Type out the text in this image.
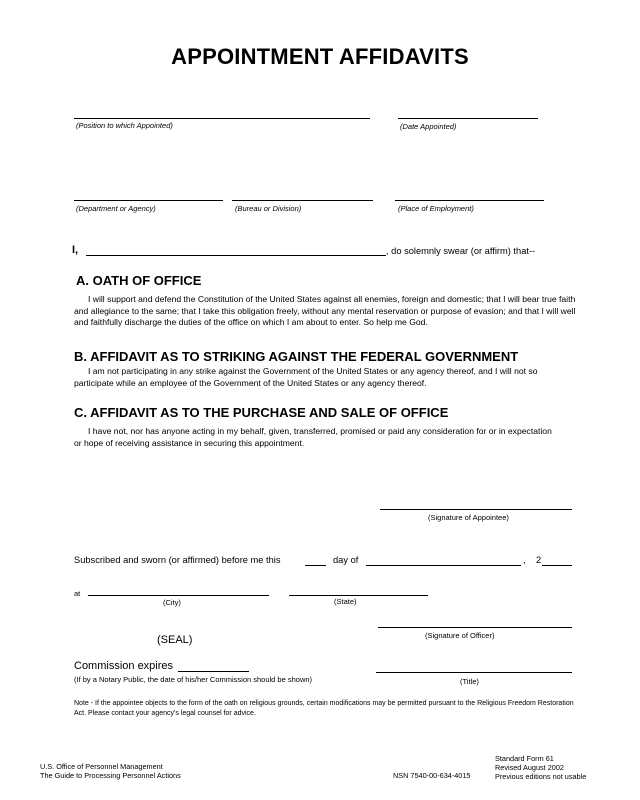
APPOINTMENT AFFIDAVITS
(Position to which Appointed)	(Date Appointed)
(Department or Agency)	(Bureau or Division)	(Place of Employment)
I,	, do solemnly swear (or affirm) that--
A. OATH OF OFFICE
I will support and defend the Constitution of the United States against all enemies, foreign and domestic; that I will bear true faith and allegiance to the same; that I take this obligation freely, without any mental reservation or purpose of evasion; and that I will well and faithfully discharge the duties of the office on which I am about to enter. So help me God.
B. AFFIDAVIT AS TO STRIKING AGAINST THE FEDERAL GOVERNMENT
I am not participating in any strike against the Government of the United States or any agency thereof, and I will not so participate while an employee of the Government of the United States or any agency thereof.
C. AFFIDAVIT AS TO THE PURCHASE AND SALE OF OFFICE
I have not, nor has anyone acting in my behalf, given, transferred, promised or paid any consideration for or in expectation or hope of receiving assistance in securing this appointment.
(Signature of Appointee)
Subscribed and sworn (or affirmed) before me this	day of	, 2
at
(City)	(State)
(Signature of Officer)
(SEAL)
Commission expires
(If by a Notary Public, the date of his/her Commission should be shown)	(Title)
Note - If the appointee objects to the form of the oath on religious grounds, certain modifications may be permitted pursuant to the Religious Freedom Restoration Act. Please contact your agency's legal counsel for advice.
U.S. Office of Personnel Management
The Guide to Processing Personnel Actions	NSN 7540-00-634-4015
Standard Form 61
Revised August 2002
Previous editions not usable
